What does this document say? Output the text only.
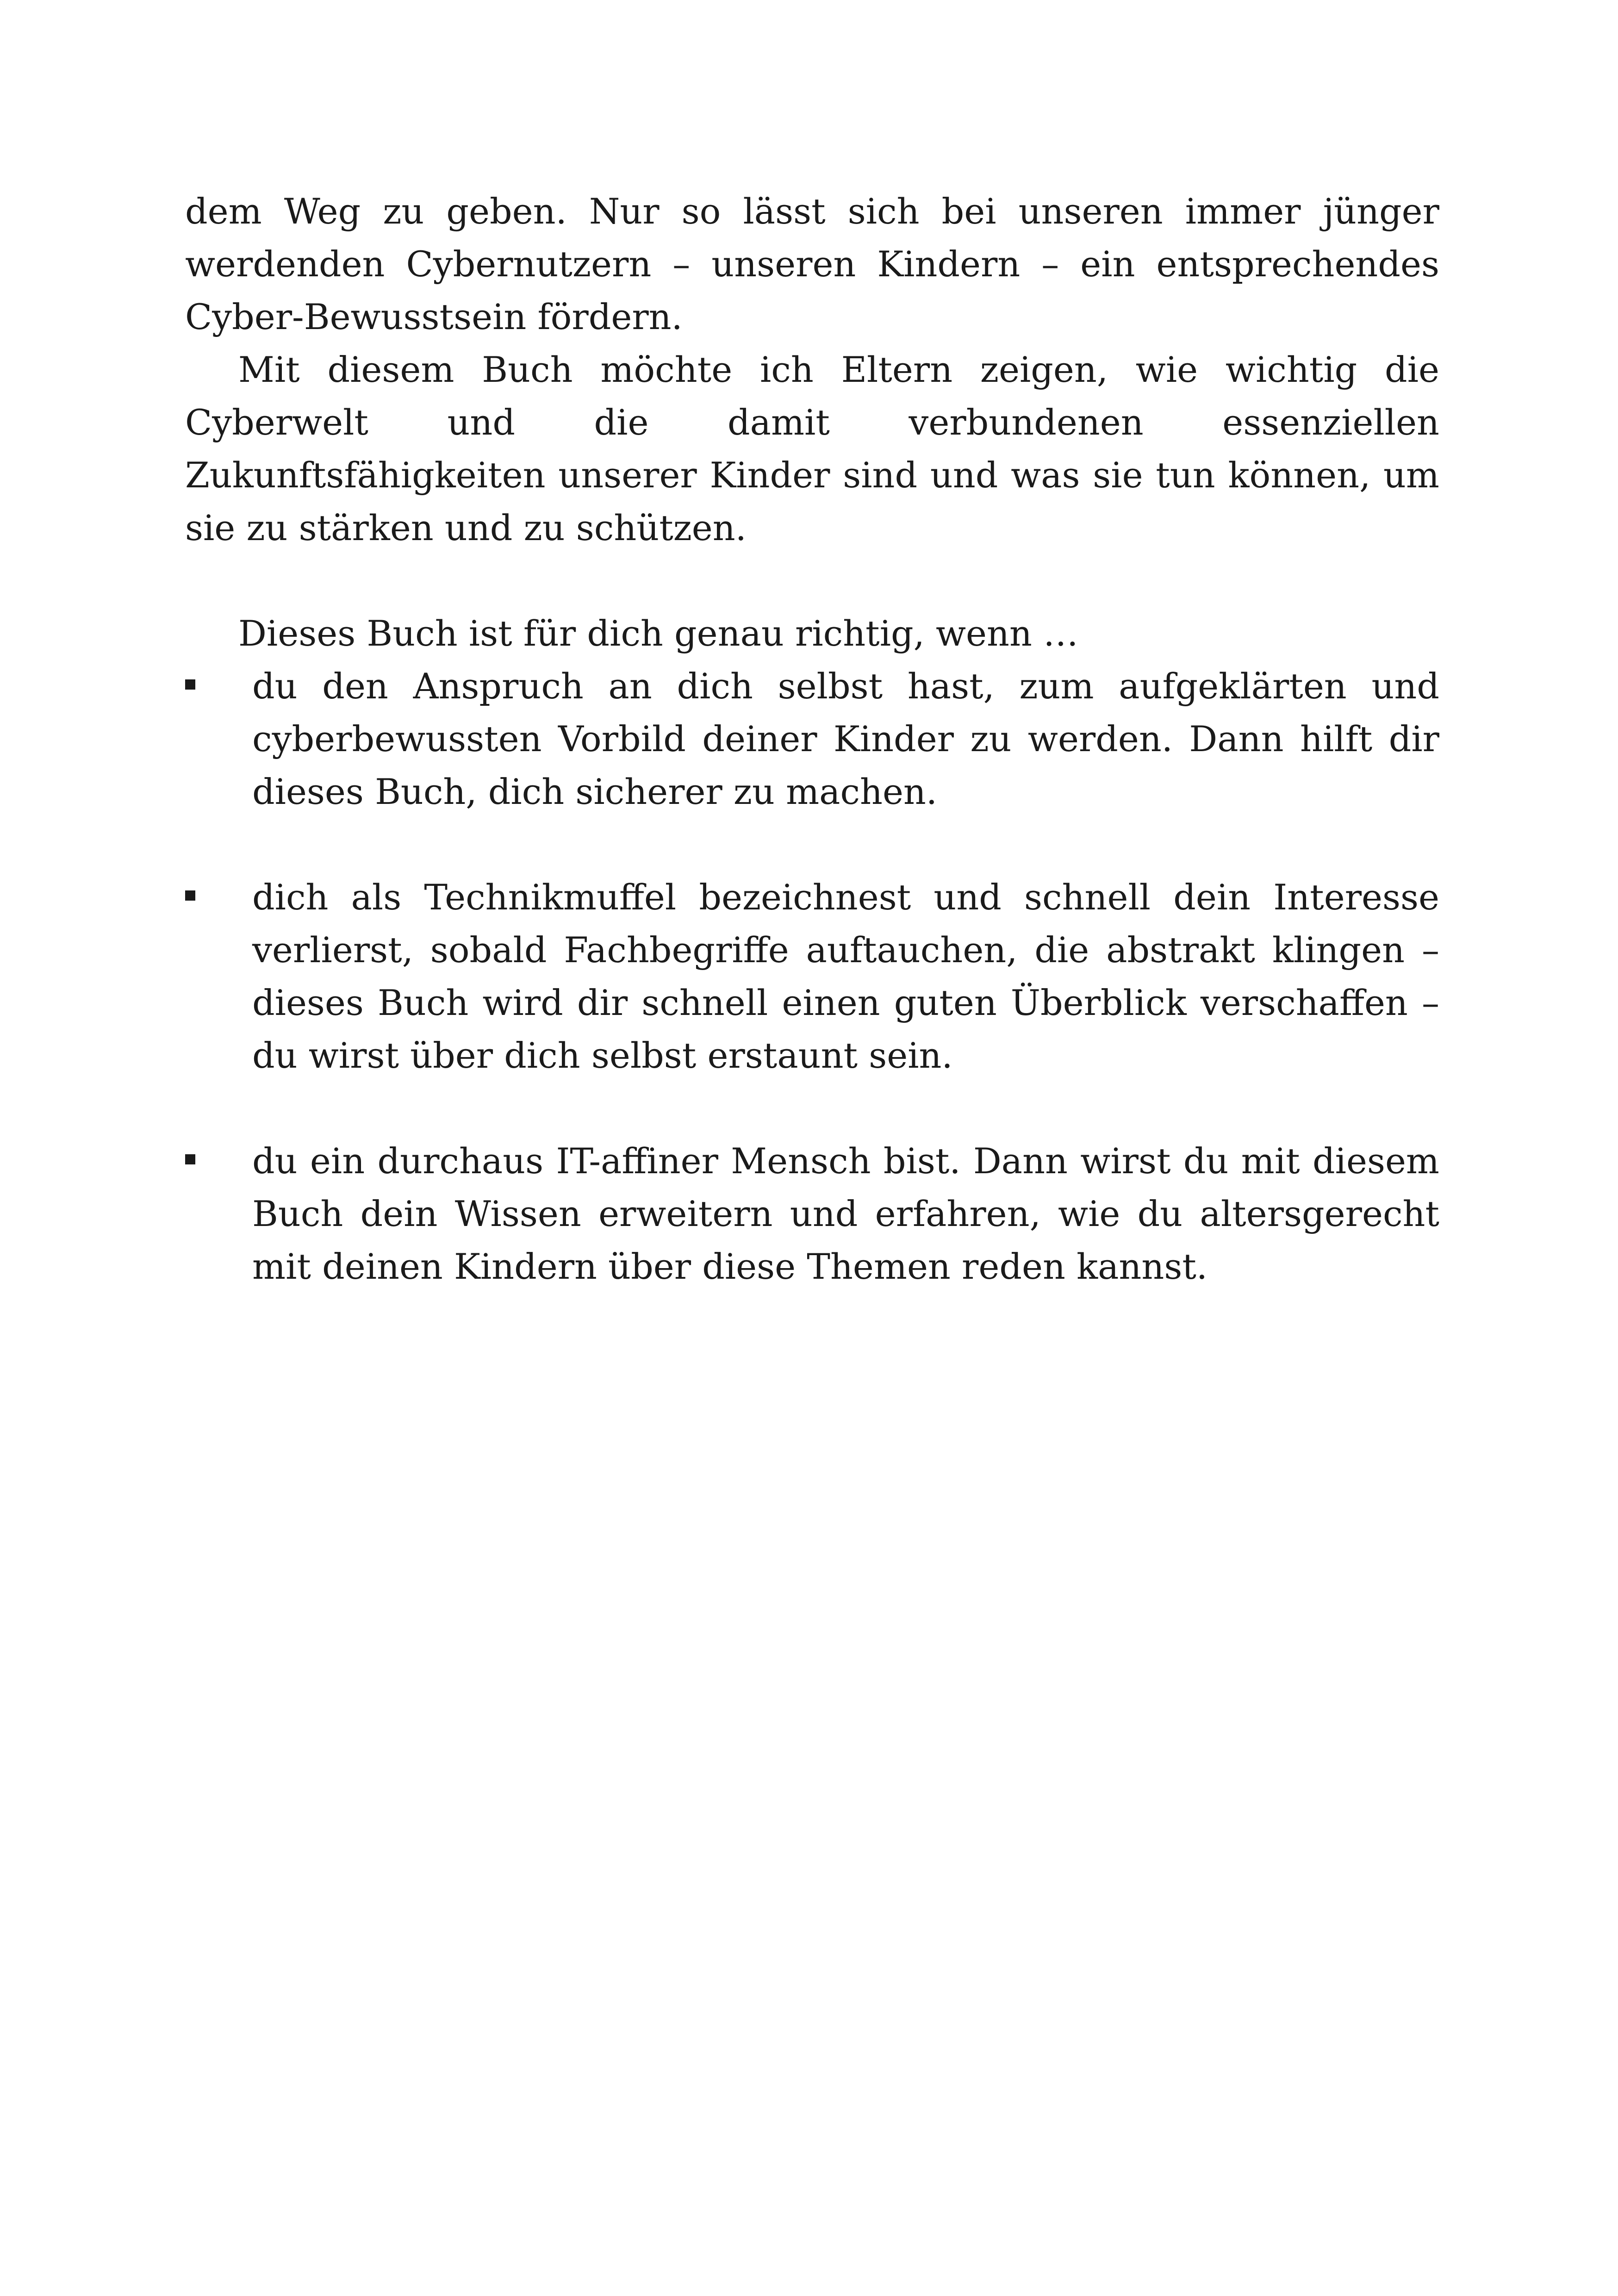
dem Weg zu geben. Nur so lässt sich bei unseren immer jünger werdenden Cybernutzern – unseren Kindern – ein entsprechendes Cyber-Bewusstsein fördern.

Mit diesem Buch möchte ich Eltern zeigen, wie wichtig die Cyberwelt und die damit verbundenen essenziellen Zukunftsfähigkeiten unserer Kinder sind und was sie tun können, um sie zu stärken und zu schützen.

Dieses Buch ist für dich genau richtig, wenn …

du den Anspruch an dich selbst hast, zum aufgeklärten und cyberbewussten Vorbild deiner Kinder zu werden. Dann hilft dir dieses Buch, dich sicherer zu machen.
dich als Technikmuffel bezeichnest und schnell dein Interesse verlierst, sobald Fachbegriffe auftauchen, die abstrakt klingen – dieses Buch wird dir schnell einen guten Überblick verschaffen – du wirst über dich selbst erstaunt sein.
du ein durchaus IT-affiner Mensch bist. Dann wirst du mit diesem Buch dein Wissen erweitern und erfahren, wie du altersgerecht mit deinen Kindern über diese Themen reden kannst.
